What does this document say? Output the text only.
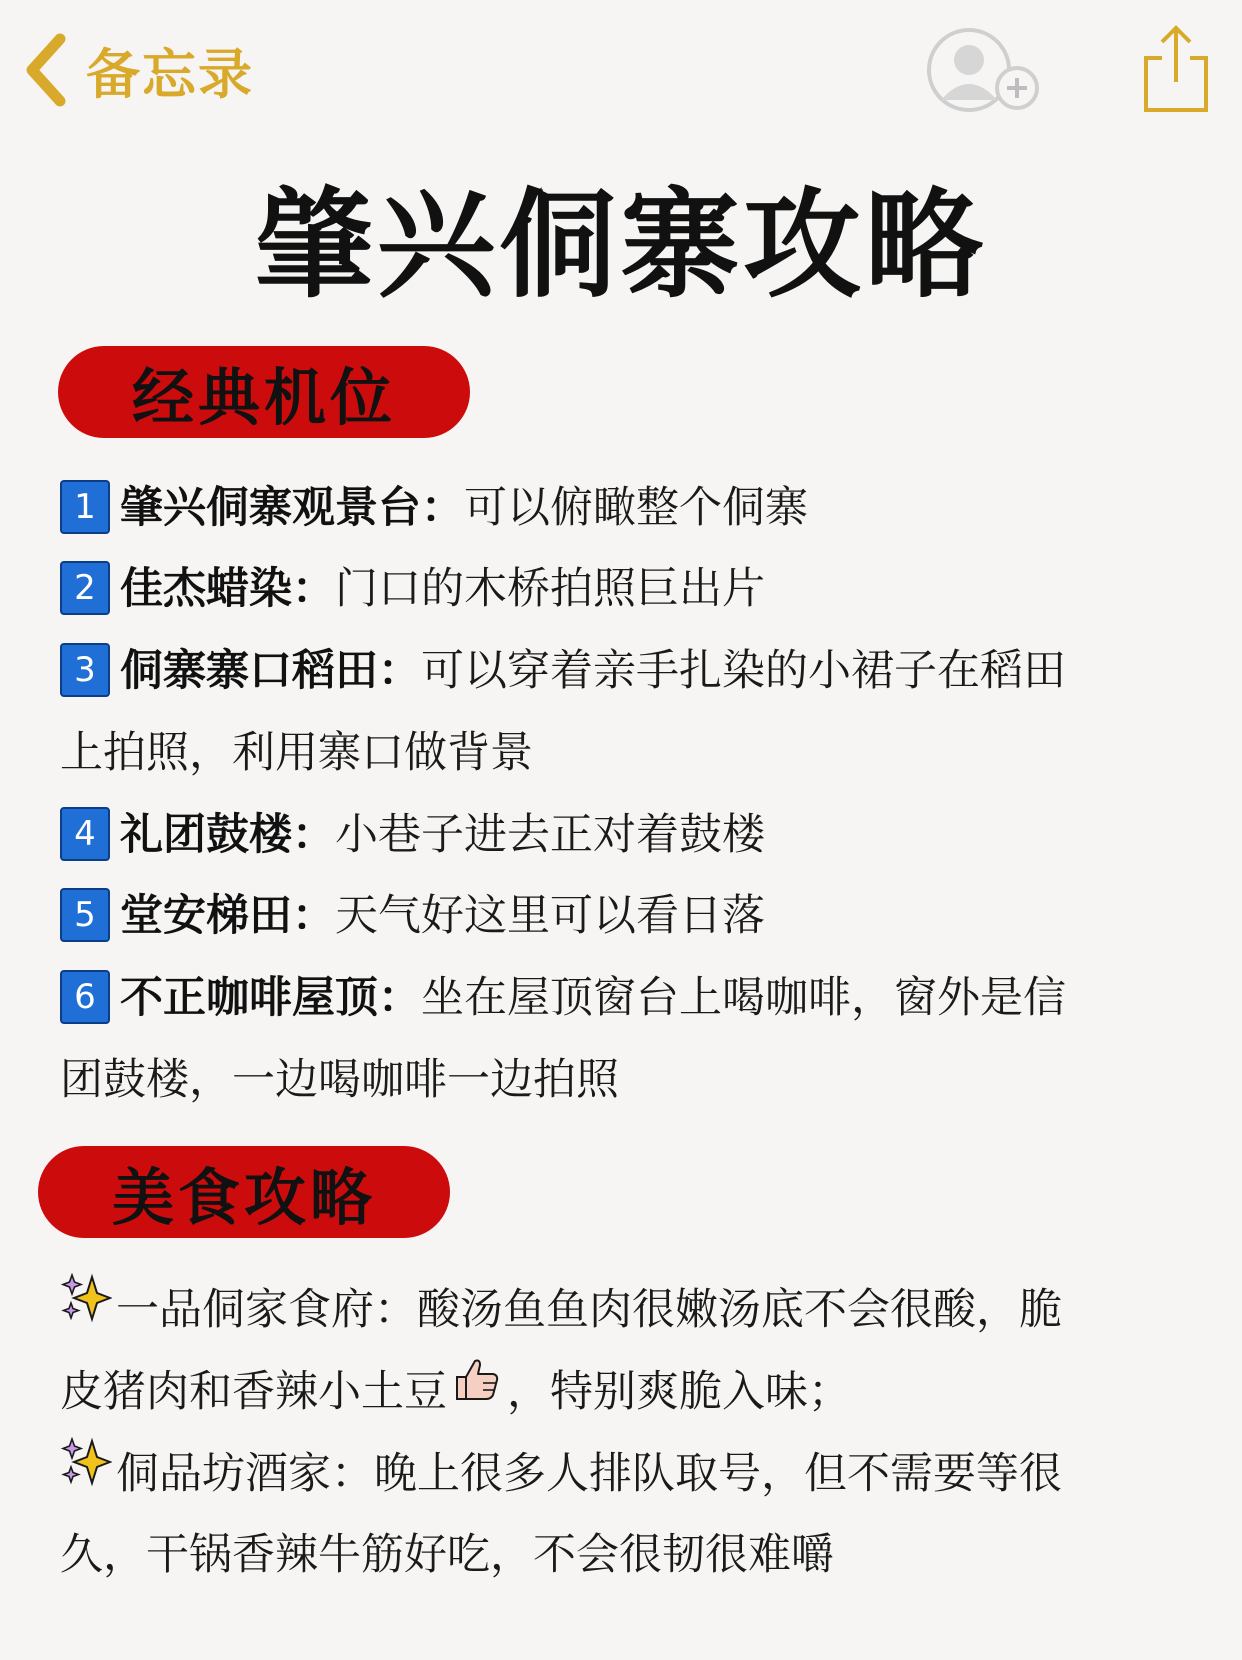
备忘录
肇兴侗寨攻略
经典机位
1 肇兴侗寨观景台：可以俯瞰整个侗寨
2 佳杰蜡染：门口的木桥拍照巨出片
3 侗寨寨口稻田：可以穿着亲手扎染的小裙子在稻田
上拍照，利用寨口做背景
4 礼团鼓楼：小巷子进去正对着鼓楼
5 堂安梯田：天气好这里可以看日落
6 不正咖啡屋顶：坐在屋顶窗台上喝咖啡，窗外是信
团鼓楼，一边喝咖啡一边拍照
美食攻略
一品侗家食府：酸汤鱼鱼肉很嫩汤底不会很酸，脆
皮猪肉和香辣小土豆 ，特别爽脆入味；
侗品坊酒家：晚上很多人排队取号，但不需要等很
久，干锅香辣牛筋好吃，不会很韧很难嚼
